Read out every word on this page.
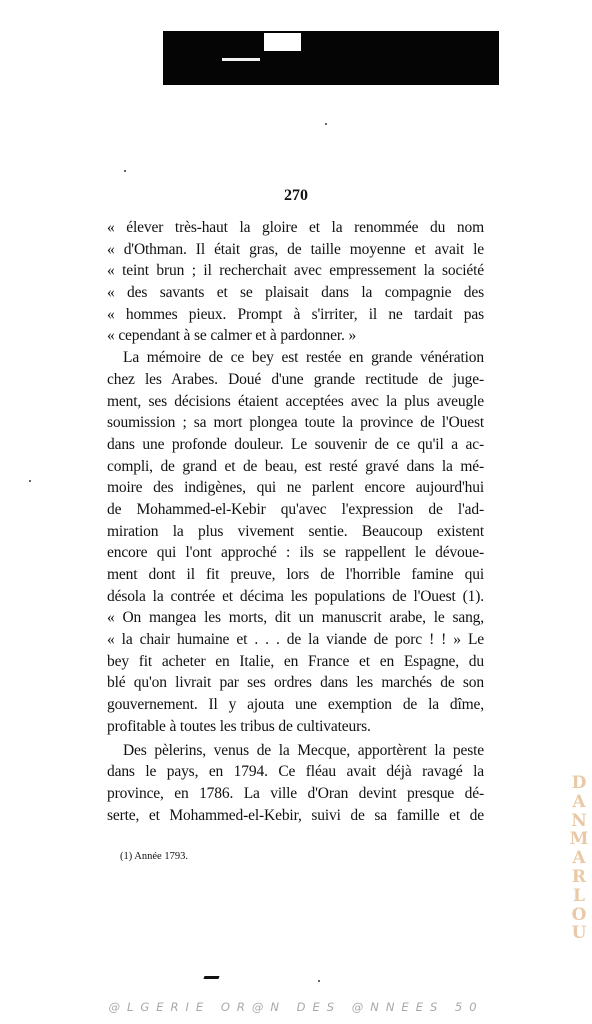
270
« élever très-haut la gloire et la renommée du nom
« d'Othman. Il était gras, de taille moyenne et avait le
« teint brun ; il recherchait avec empressement la société
« des savants et se plaisait dans la compagnie des
« hommes pieux. Prompt à s'irriter, il ne tardait pas
« cependant à se calmer et à pardonner. »
La mémoire de ce bey est restée en grande vénération
chez les Arabes. Doué d'une grande rectitude de juge-
ment, ses décisions étaient acceptées avec la plus aveugle
soumission ; sa mort plongea toute la province de l'Ouest
dans une profonde douleur. Le souvenir de ce qu'il a ac-
compli, de grand et de beau, est resté gravé dans la mé-
moire des indigènes, qui ne parlent encore aujourd'hui
de Mohammed-el-Kebir qu'avec l'expression de l'ad-
miration la plus vivement sentie. Beaucoup existent
encore qui l'ont approché : ils se rappellent le dévoue-
ment dont il fit preuve, lors de l'horrible famine qui
désola la contrée et décima les populations de l'Ouest (1).
« On mangea les morts, dit un manuscrit arabe, le sang,
« la chair humaine et . . . de la viande de porc ! ! » Le
bey fit acheter en Italie, en France et en Espagne, du
blé qu'on livrait par ses ordres dans les marchés de son
gouvernement. Il y ajouta une exemption de la dîme,
profitable à toutes les tribus de cultivateurs.
Des pèlerins, venus de la Mecque, apportèrent la peste
dans le pays, en 1794. Ce fléau avait déjà ravagé la
province, en 1786. La ville d'Oran devint presque dé-
serte, et Mohammed-el-Kebir, suivi de sa famille et de
(1) Année 1793.
D
A
N
M
A
R
L
O
U
@LGERIE OR@N DES @NNEES 50
